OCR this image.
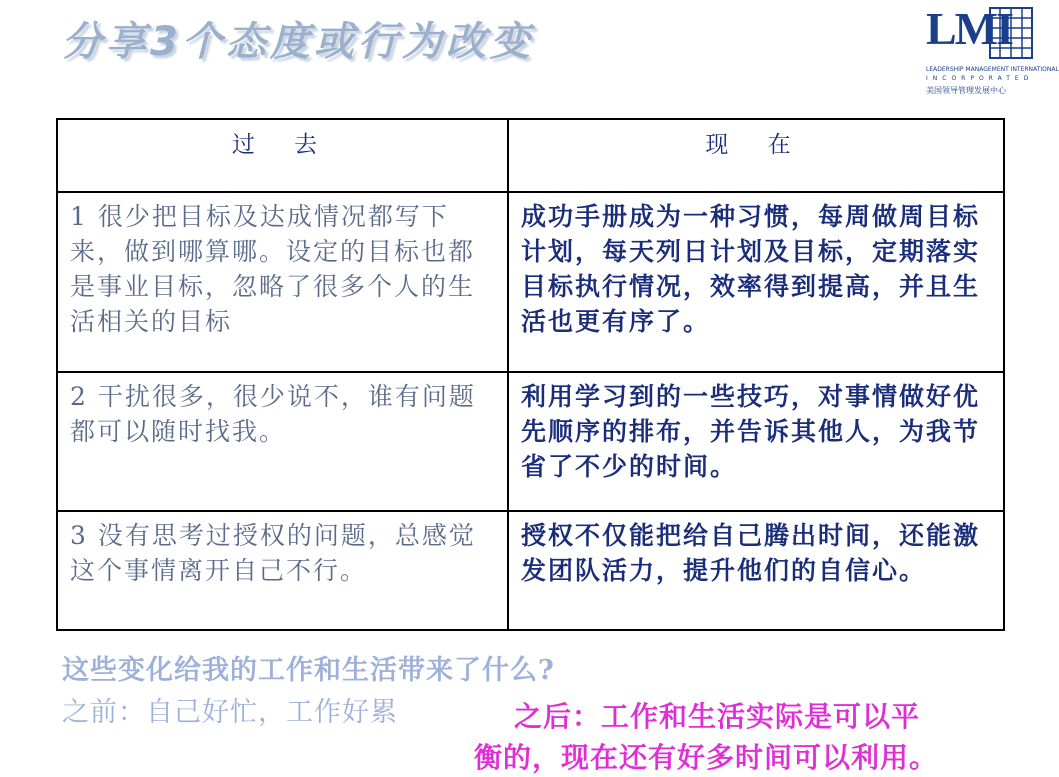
分享3个态度或行为改变	LMI
LEADERSHIP MANAGEMENT INTERNATIONAL
INCORPORATED
美国领导管理发展中心
过 去	现 在
1 很少把目标及达成情况都写下来，做到哪算哪。设定的目标也都是事业目标，忽略了很多个人的生活相关的目标	成功手册成为一种习惯，每周做周目标计划，每天列日计划及目标，定期落实目标执行情况，效率得到提高，并且生活也更有序了。
2 干扰很多，很少说不，谁有问题都可以随时找我。	利用学习到的一些技巧，对事情做好优先顺序的排布，并告诉其他人，为我节省了不少的时间。
3 没有思考过授权的问题，总感觉这个事情离开自己不行。	授权不仅能把给自己腾出时间，还能激发团队活力，提升他们的自信心。
这些变化给我的工作和生活带来了什么?
之前：自己好忙，工作好累	之后：工作和生活实际是可以平
衡的，现在还有好多时间可以利用。
